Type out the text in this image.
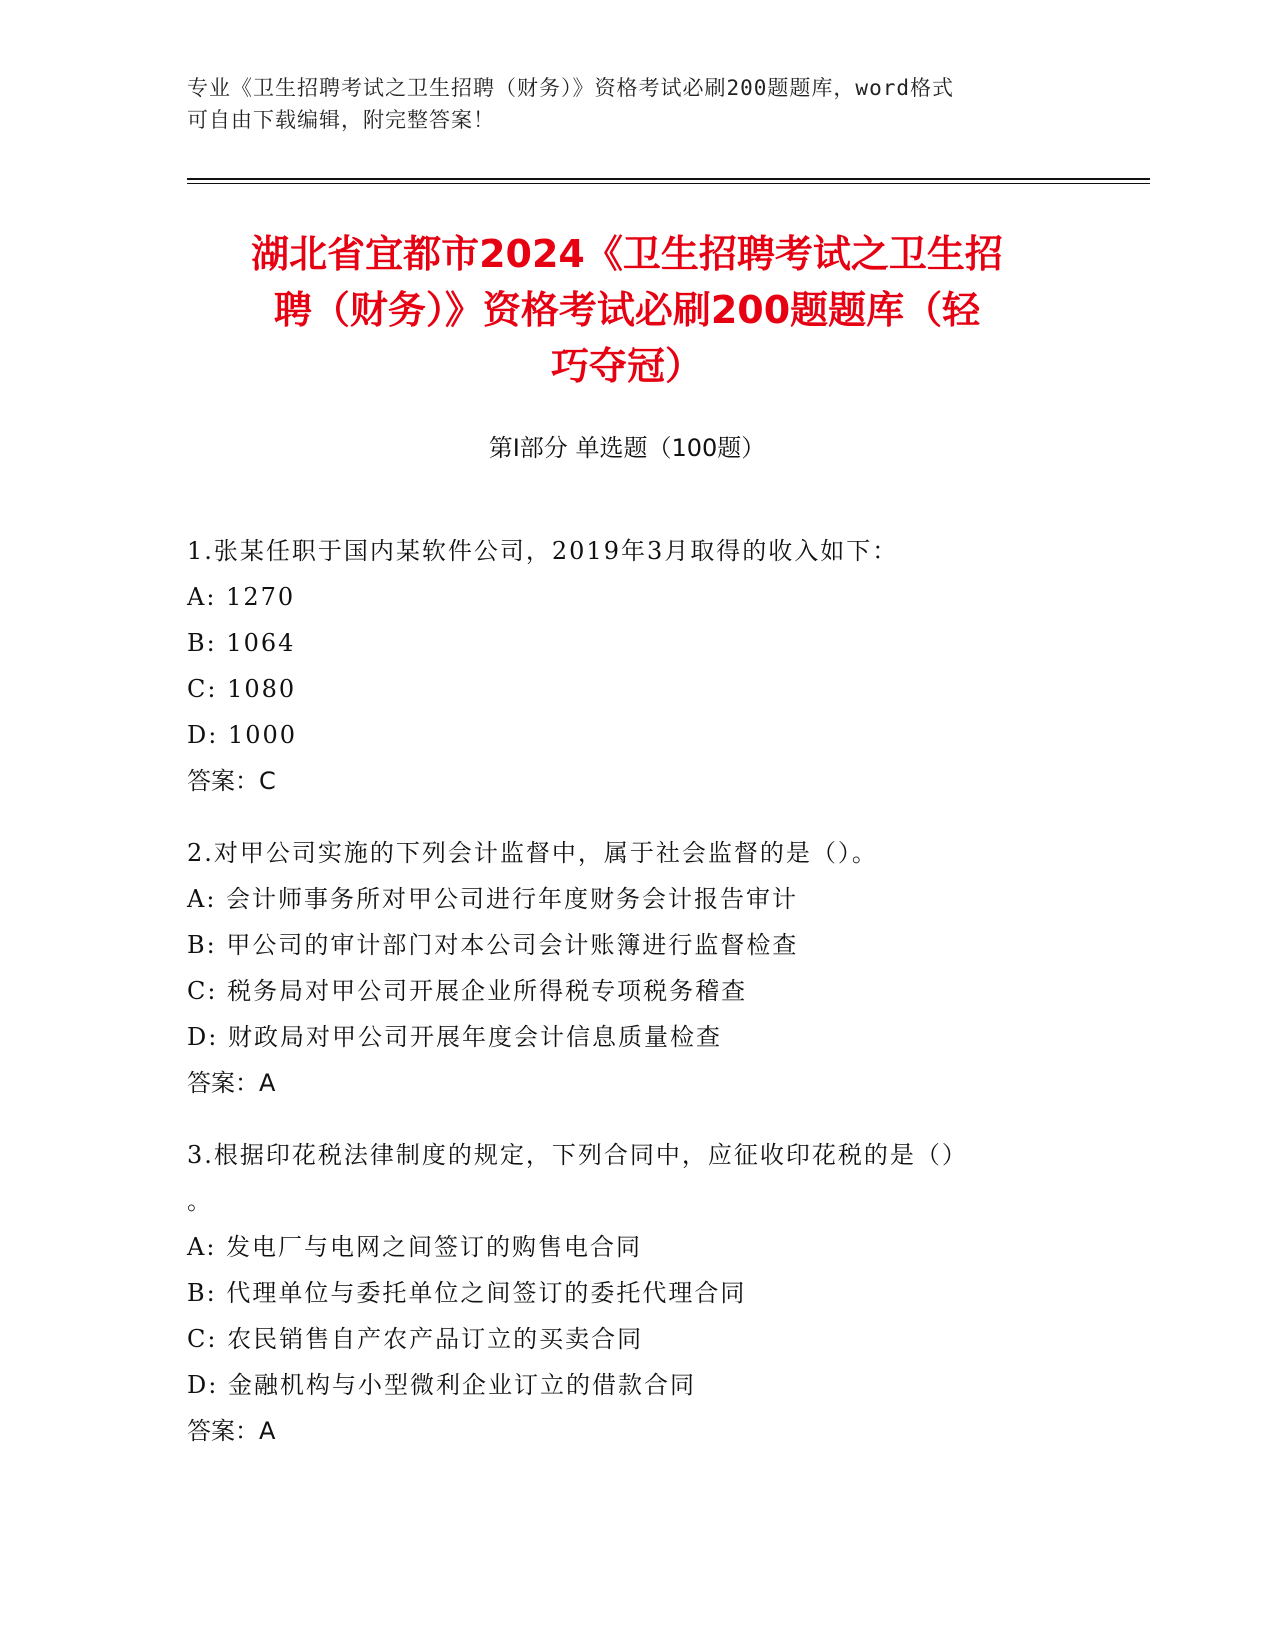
专业《卫生招聘考试之卫生招聘（财务）》资格考试必刷200题题库，word格式
可自由下载编辑，附完整答案！
湖北省宜都市2024《卫生招聘考试之卫生招
聘（财务）》资格考试必刷200题题库（轻
巧夺冠）
第Ⅰ部分 单选题（100题）
1.张某任职于国内某软件公司，2019年3月取得的收入如下：
A: 1270
B: 1064
C: 1080
D: 1000
答案：C
2.对甲公司实施的下列会计监督中，属于社会监督的是（）。
A: 会计师事务所对甲公司进行年度财务会计报告审计
B: 甲公司的审计部门对本公司会计账簿进行监督检查
C: 税务局对甲公司开展企业所得税专项税务稽查
D: 财政局对甲公司开展年度会计信息质量检查
答案：A
3.根据印花税法律制度的规定，下列合同中，应征收印花税的是（）
。
A: 发电厂与电网之间签订的购售电合同
B: 代理单位与委托单位之间签订的委托代理合同
C: 农民销售自产农产品订立的买卖合同
D: 金融机构与小型微利企业订立的借款合同
答案：A
